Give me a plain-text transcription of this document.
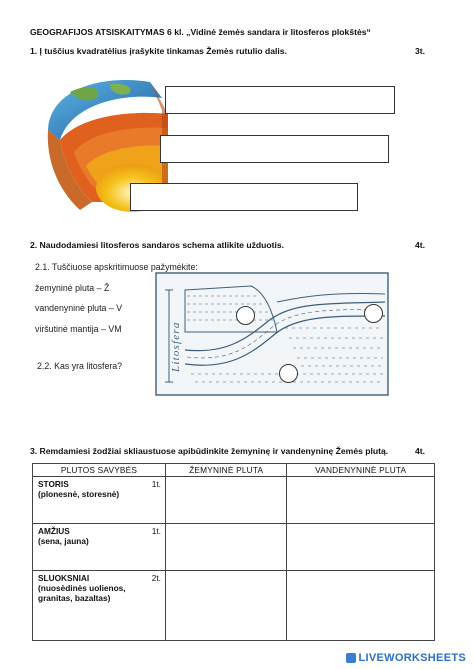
GEOGRAFIJOS ATSISKAITYMAS 6 kl. „Vidinė žemės sandara ir litosferos plokštės“
1. Į tuščius kvadratėlius įrašykite tinkamas Žemės rutulio dalis.	3t.
2. Naudodamiesi litosferos sandaros schema atlikite užduotis.	4t.
2.1. Tuščiuose apskritimuose pažymėkite:
žemyninė pluta – Ž
vandenyninė pluta – V
viršutinė mantija – VM
2.2. Kas yra litosfera?	Litosfera
3. Remdamiesi žodžiai skliaustuose apibūdinkite žemyninę ir vandenyninę Žemės plutą.	4t.
PLUTOS SAVYBĖS	ŽEMYNINĖ PLUTA	VANDENYNINĖ PLUTA
STORIS 1t.

(plonesnė, storesnė)		
AMŽIUS 1t.

(sena, jauna)		
SLUOKSNIAI 2t.

(nuosėdinės uolienos, granitas, bazaltas)		
LIVEWORKSHEETS
